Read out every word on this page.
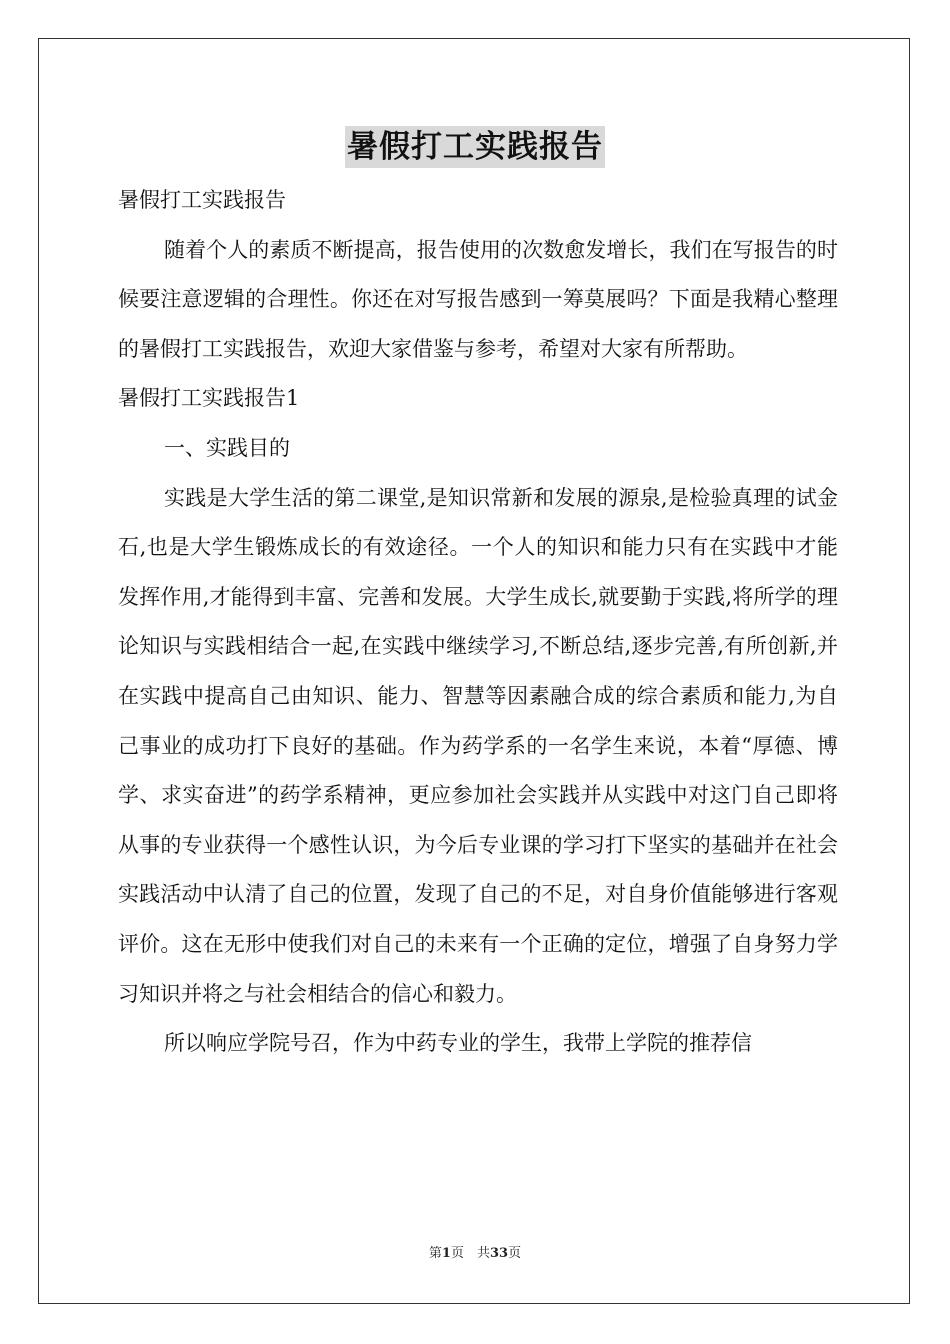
暑假打工实践报告

暑假打工实践报告

随着个人的素质不断提高，报告使用的次数愈发增长，我们在写报告的时候要注意逻辑的合理性。你还在对写报告感到一筹莫展吗？下面是我精心整理的暑假打工实践报告，欢迎大家借鉴与参考，希望对大家有所帮助。

暑假打工实践报告1

一、实践目的

实践是大学生活的第二课堂,是知识常新和发展的源泉,是检验真理的试金石,也是大学生锻炼成长的有效途径。一个人的知识和能力只有在实践中才能发挥作用,才能得到丰富、完善和发展。大学生成长,就要勤于实践,将所学的理论知识与实践相结合一起,在实践中继续学习,不断总结,逐步完善,有所创新,并在实践中提高自己由知识、能力、智慧等因素融合成的综合素质和能力,为自己事业的成功打下良好的基础。作为药学系的一名学生来说，本着“厚德、博学、求实奋进”的药学系精神，更应参加社会实践并从实践中对这门自己即将从事的专业获得一个感性认识，为今后专业课的学习打下坚实的基础并在社会实践活动中认清了自己的位置，发现了自己的不足，对自身价值能够进行客观评价。这在无形中使我们对自己的未来有一个正确的定位，增强了自身努力学习知识并将之与社会相结合的信心和毅力。

所以响应学院号召，作为中药专业的学生，我带上学院的推荐信

第1页　共33页
